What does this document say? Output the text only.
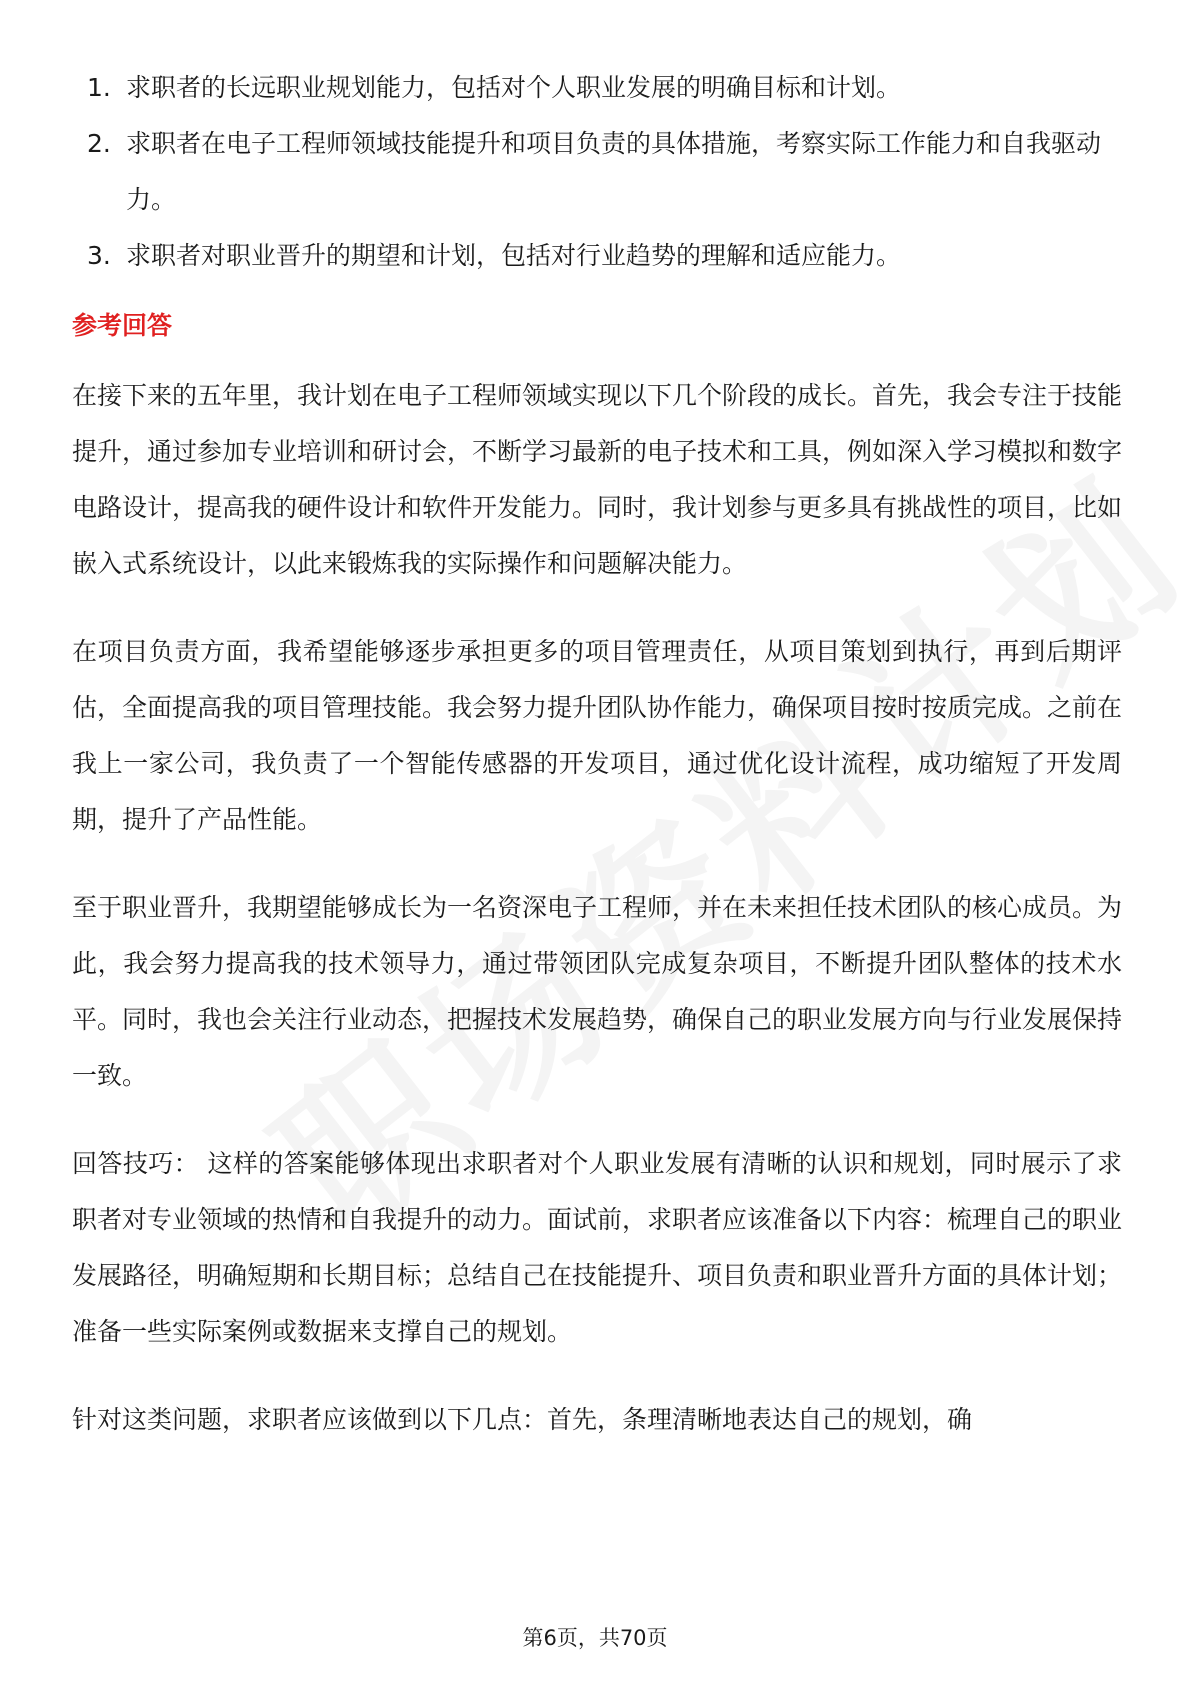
1. 求职者的长远职业规划能力，包括对个人职业发展的明确目标和计划。
2. 求职者在电子工程师领域技能提升和项目负责的具体措施，考察实际工作能力和自我驱动力。
3. 求职者对职业晋升的期望和计划，包括对行业趋势的理解和适应能力。
参考回答

在接下来的五年里，我计划在电子工程师领域实现以下几个阶段的成长。首先，我会专注于技能提升，通过参加专业培训和研讨会，不断学习最新的电子技术和工具，例如深入学习模拟和数字电路设计，提高我的硬件设计和软件开发能力。同时，我计划参与更多具有挑战性的项目，比如嵌入式系统设计，以此来锻炼我的实际操作和问题解决能力。

在项目负责方面，我希望能够逐步承担更多的项目管理责任，从项目策划到执行，再到后期评估，全面提高我的项目管理技能。我会努力提升团队协作能力，确保项目按时按质完成。之前在我上一家公司，我负责了一个智能传感器的开发项目，通过优化设计流程，成功缩短了开发周期，提升了产品性能。

至于职业晋升，我期望能够成长为一名资深电子工程师，并在未来担任技术团队的核心成员。为此，我会努力提高我的技术领导力，通过带领团队完成复杂项目，不断提升团队整体的技术水平。同时，我也会关注行业动态，把握技术发展趋势，确保自己的职业发展方向与行业发展保持一致。

回答技巧： 这样的答案能够体现出求职者对个人职业发展有清晰的认识和规划，同时展示了求职者对专业领域的热情和自我提升的动力。面试前，求职者应该准备以下内容：梳理自己的职业发展路径，明确短期和长期目标；总结自己在技能提升、项目负责和职业晋升方面的具体计划；准备一些实际案例或数据来支撑自己的规划。

针对这类问题，求职者应该做到以下几点：首先，条理清晰地表达自己的规划，确

第6页，共70页
